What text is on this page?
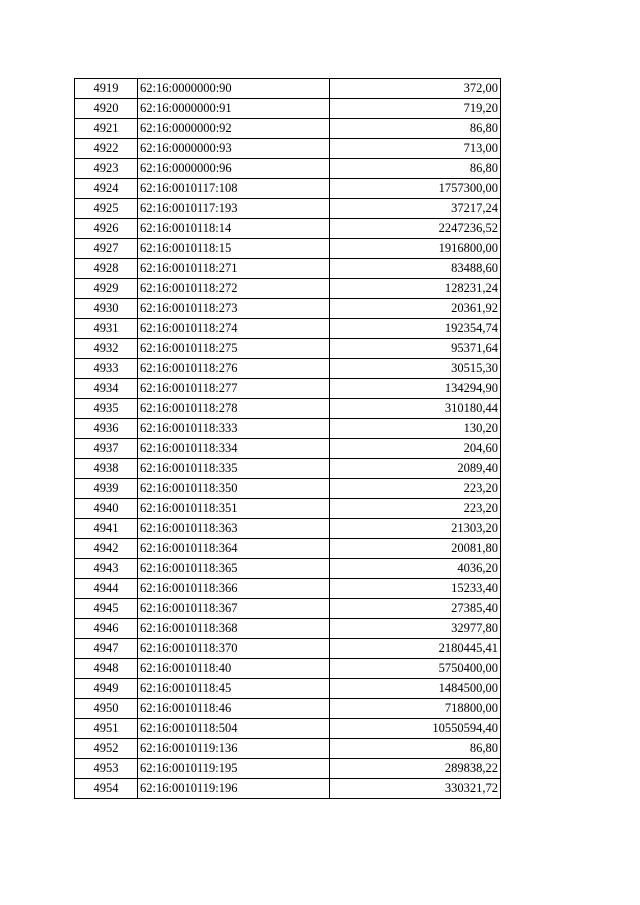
4919	62:16:0000000:90	372,00
4920	62:16:0000000:91	719,20
4921	62:16:0000000:92	86,80
4922	62:16:0000000:93	713,00
4923	62:16:0000000:96	86,80
4924	62:16:0010117:108	1757300,00
4925	62:16:0010117:193	37217,24
4926	62:16:0010118:14	2247236,52
4927	62:16:0010118:15	1916800,00
4928	62:16:0010118:271	83488,60
4929	62:16:0010118:272	128231,24
4930	62:16:0010118:273	20361,92
4931	62:16:0010118:274	192354,74
4932	62:16:0010118:275	95371,64
4933	62:16:0010118:276	30515,30
4934	62:16:0010118:277	134294,90
4935	62:16:0010118:278	310180,44
4936	62:16:0010118:333	130,20
4937	62:16:0010118:334	204,60
4938	62:16:0010118:335	2089,40
4939	62:16:0010118:350	223,20
4940	62:16:0010118:351	223,20
4941	62:16:0010118:363	21303,20
4942	62:16:0010118:364	20081,80
4943	62:16:0010118:365	4036,20
4944	62:16:0010118:366	15233,40
4945	62:16:0010118:367	27385,40
4946	62:16:0010118:368	32977,80
4947	62:16:0010118:370	2180445,41
4948	62:16:0010118:40	5750400,00
4949	62:16:0010118:45	1484500,00
4950	62:16:0010118:46	718800,00
4951	62:16:0010118:504	10550594,40
4952	62:16:0010119:136	86,80
4953	62:16:0010119:195	289838,22
4954	62:16:0010119:196	330321,72
